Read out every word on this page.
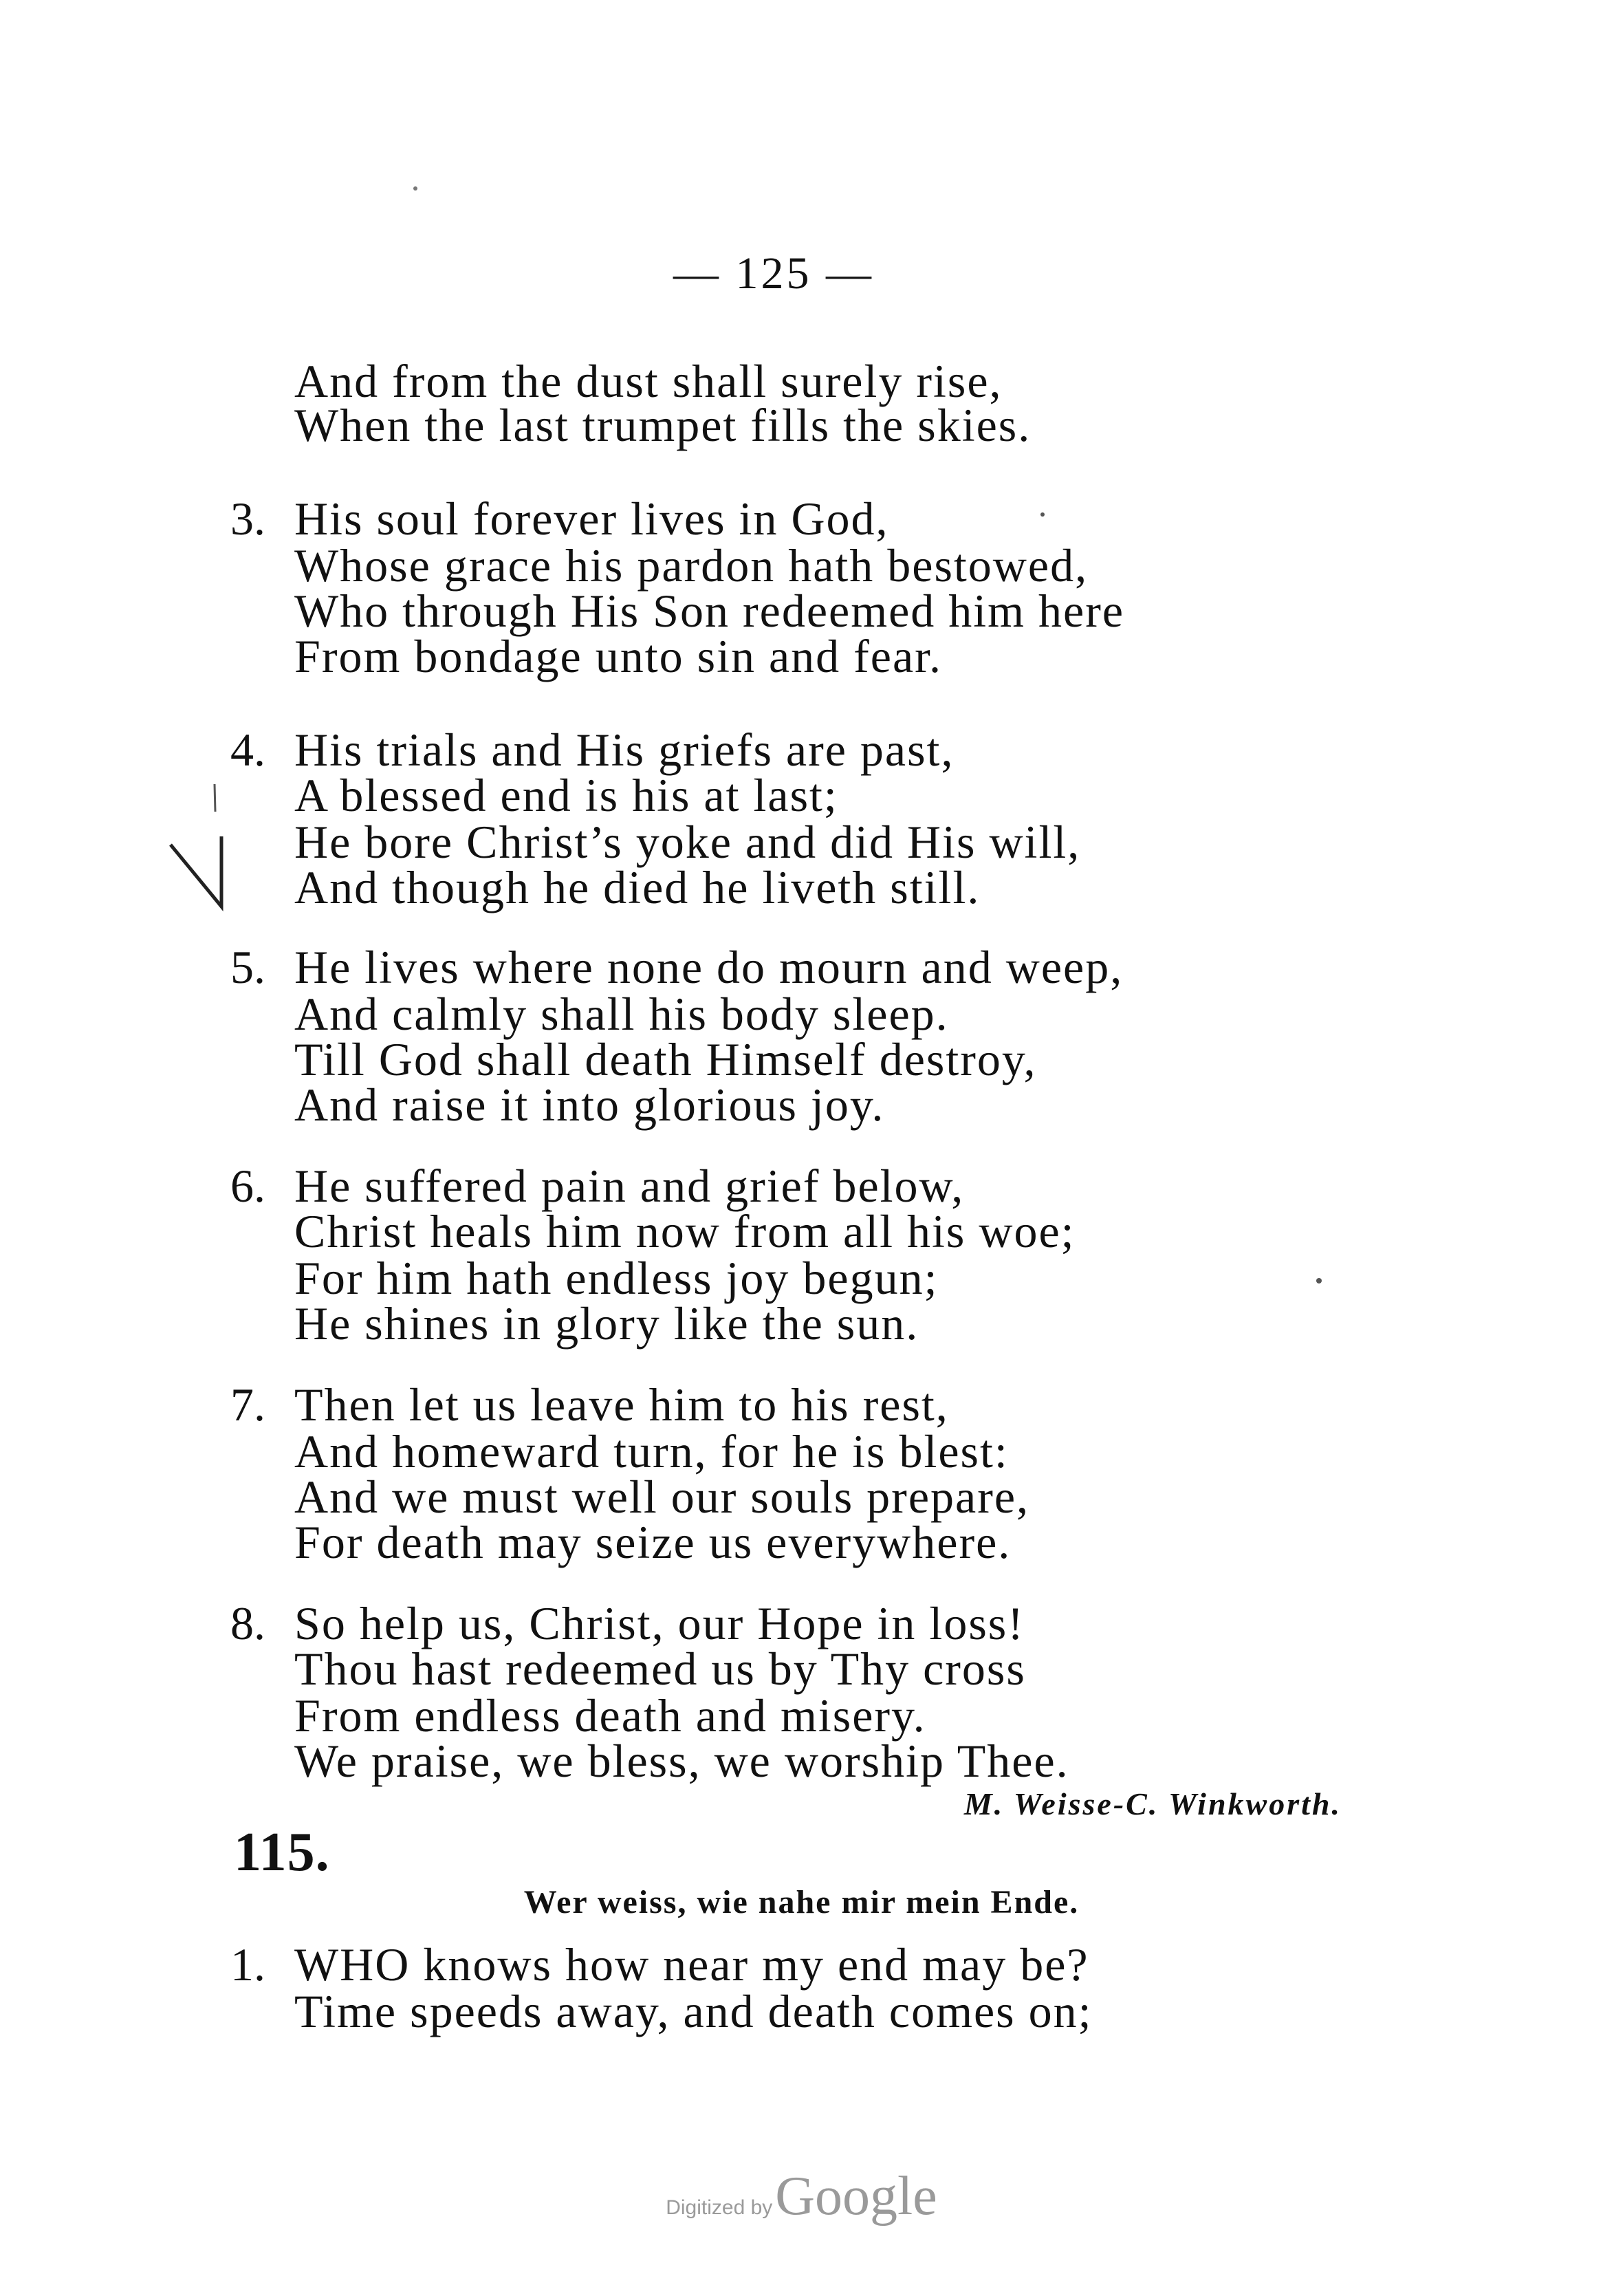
— 125 —
And from the dust shall surely rise,
When the last trumpet fills the skies.
3. His soul forever lives in God,
Whose grace his pardon hath bestowed,
Who through His Son redeemed him here
From bondage unto sin and fear.
4. His trials and His griefs are past,
A blessed end is his at last;
He bore Christ’s yoke and did His will,
And though he died he liveth still.
5. He lives where none do mourn and weep,
And calmly shall his body sleep.
Till God shall death Himself destroy,
And raise it into glorious joy.
6. He suffered pain and grief below,
Christ heals him now from all his woe;
For him hath endless joy begun;
He shines in glory like the sun.
7. Then let us leave him to his rest,
And homeward turn, for he is blest:
And we must well our souls prepare,
For death may seize us everywhere.
8. So help us, Christ, our Hope in loss!
Thou hast redeemed us by Thy cross
From endless death and misery.
We praise, we bless, we worship Thee.
M. Weisse-C. Winkworth.
115.
Wer weiss, wie nahe mir mein Ende.
1. WHO knows how near my end may be?
Time speeds away, and death comes on;
Digitized by Google
